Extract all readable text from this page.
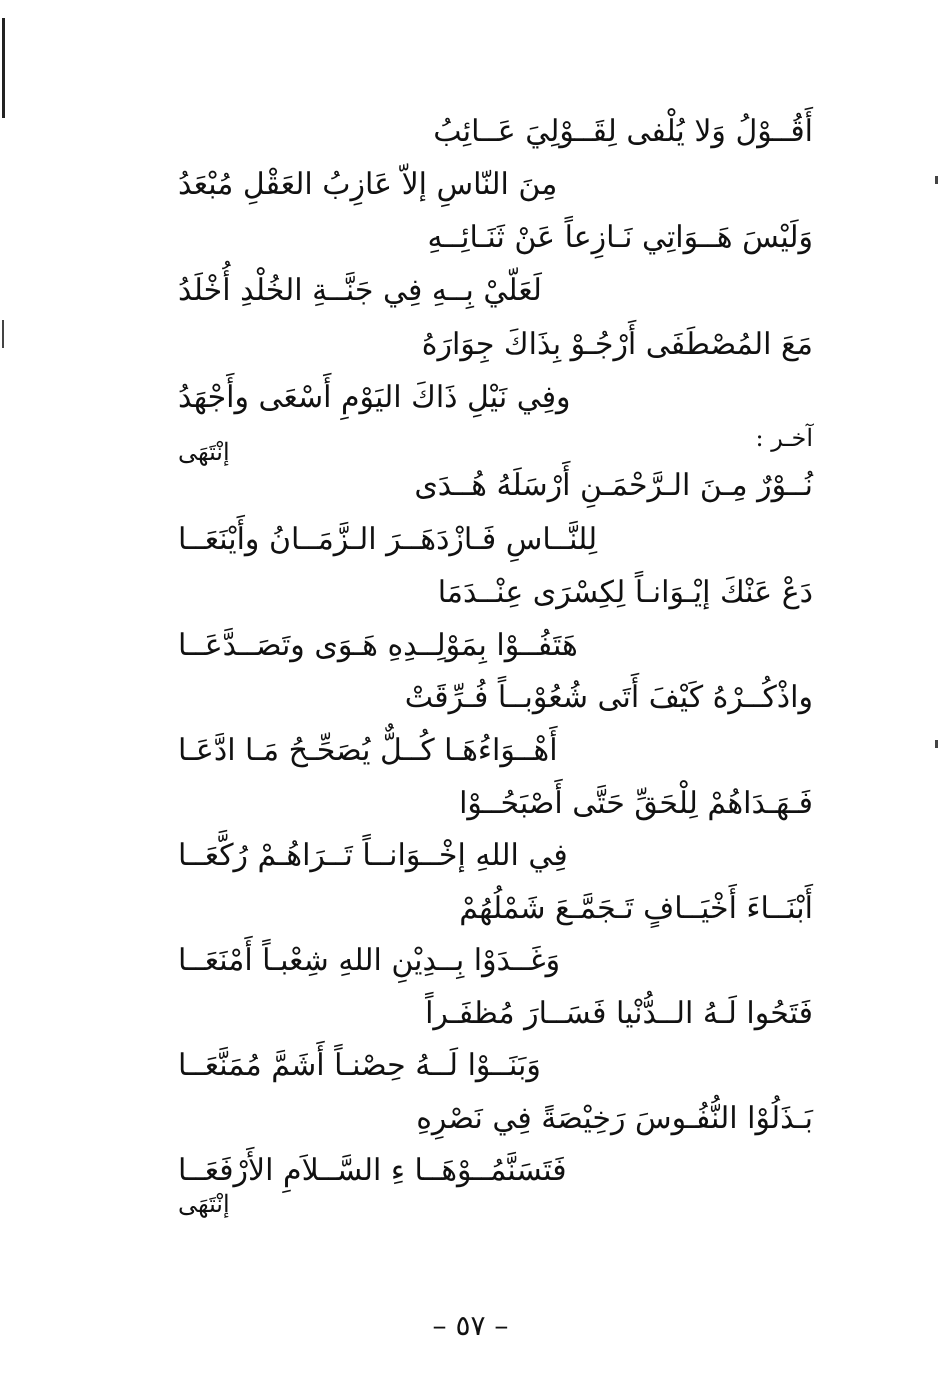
أَقُــوْلُ وَلا يُلْفى لِقَــوْلِيَ عَــائِبُ
مِنَ النّاسِ إلاّ عَازِبُ العَقْلِ مُبْعَدُ
وَلَيْسَ هَــوَاتِي نَـازِعاً عَنْ ثَنَـائِــهِ
لَعَلّيْ بِــهِ فِي جَنَّــةِ الخُلْدِ أُخْلَدُ
مَعَ المُصْطَفَى أَرْجُـوْ بِذَاكَ جِوَارَهُ
وفِي نَيْلِ ذَاكَ اليَوْمِ أَسْعَى وأَجْهَدُ
آخـر :
إنْتَهَى
نُــوْرٌ مِـنَ الـرَّحْمَـنِ أَرْسَلَهُ هُــدَى
لِلنَّــاسِ فَـازْدَهَــرَ الـزَّمَــانُ وأَيْنَعَــا
دَعْ عَنْكَ إيْـوَانـاً لِكِسْرَى عِنْــدَمَا
هَتَفُــوْا بِمَوْلِــدِهِ هَـوَى وتَصَــدَّعَــا
واذْكُــرْهُ كَيْفَ أَتَى شُعُوْبــاً فُـرِّقَتْ
أَهْــوَاءُهَـا كُــلٌّ يُصَحِّـحُ مَـا ادَّعَـا
فَـهَـدَاهُمْ لِلْحَقِّ حَتَّى أَصْبَحُــوْا
فِي اللهِ إخْــوَانــاً تَــرَاهُـمْ رُكَّعَــا
أَبْنَــاءَ أَخْيَــافٍ تَـجَمَّـعَ شَمْلُهُمْ
وَغَــدَوْا بِــدِيْنِ اللهِ شِعْبـاً أَمْنَعَــا
فَتَحُوا لَـهُ الــدُّنْيا فَسَــارَ مُظفَـراً
وَبَنَــوْا لَــهُ حِصْنـاً أَشَمَّ مُمَنَّعَــا
بَـذَلُوْا النُّفُـوسَ رَخِيْصَةً فِي نَصْرِهِ
فَتَسَنَّمُــوْهَــا ءِ السَّــلاَمِ الأَرْفَعَــا
إنْتَهَى
– ٥٧ –
